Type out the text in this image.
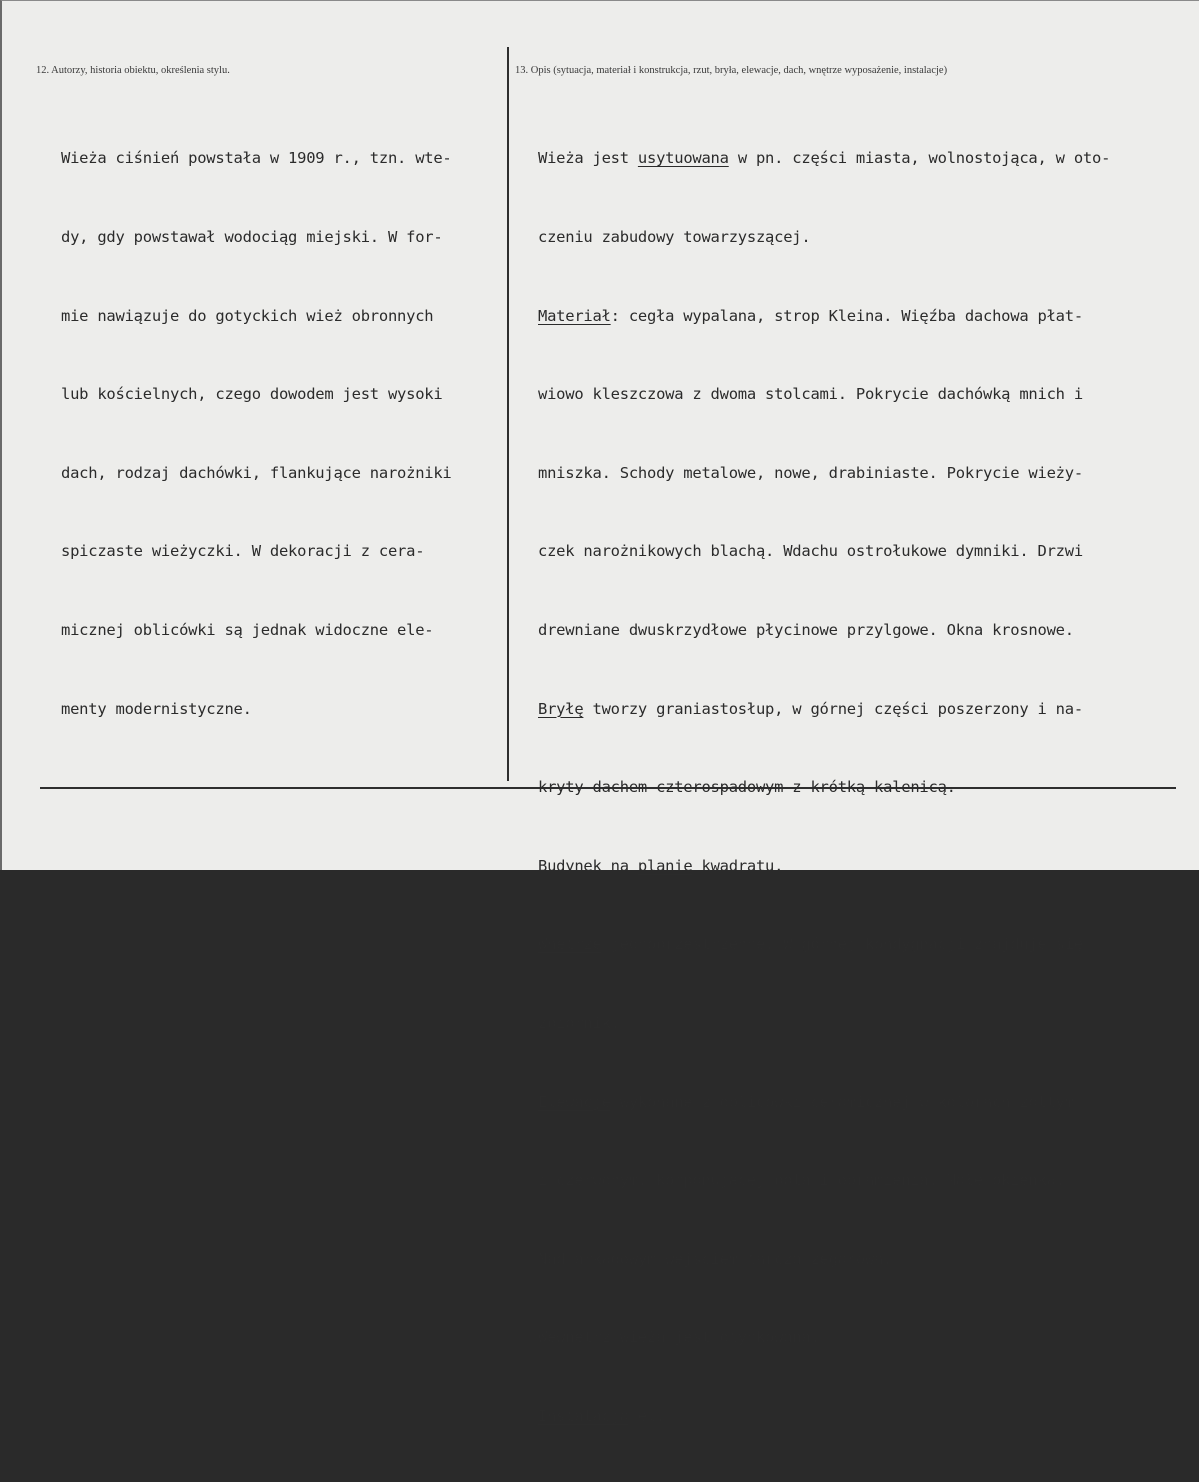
12. Autorzy, historia obiektu, określenia stylu.	13. Opis (sytuacja, materiał i konstrukcja, rzut, bryła, elewacje, dach, wnętrze wyposażenie, instalacje)

Wieża ciśnień powstała w 1909 r., tzn. wte-

dy, gdy powstawał wodociąg miejski. W for-

mie nawiązuje do gotyckich wież obronnych

lub kościelnych, czego dowodem jest wysoki

dach, rodzaj dachówki, flankujące narożniki

spiczaste wieżyczki. W dekoracji z cera-

micznej oblicówki są jednak widoczne ele-

menty modernistyczne.

Wieża jest usytuowana w pn. części miasta, wolnostojąca, w oto-

czeniu zabudowy towarzyszącej.

Materiał: cegła wypalana, strop Kleina. Więźba dachowa płat-

wiowo kleszczowa z dwoma stolcami. Pokrycie dachówką mnich i

mniszka. Schody metalowe, nowe, drabiniaste. Pokrycie wieży-

czek narożnikowych blachą. Wdachu ostrołukowe dymniki. Drzwi

drewniane dwuskrzydłowe płycinowe przylgowe. Okna krosnowe.

Bryłę tworzy graniastosłup, w górnej części poszerzony i na-

kryty dachem czterospadowym z krótką kalenicą.

Budynek na planie kwadratu.

Wnętrze jednoprzestrzenne. W górnej kondygnacji znajduje się

zbiornik.

Elewacje wykonane z oblicówki ceramicznej w kolorach żółtym

i czerwonym, komponującej pola i obramienia. Małe okienka.

Nad arkadowym wejściem tarcza zegarowa.

Wewnętrz wieża jest otynkowana.

Instalacja el.
